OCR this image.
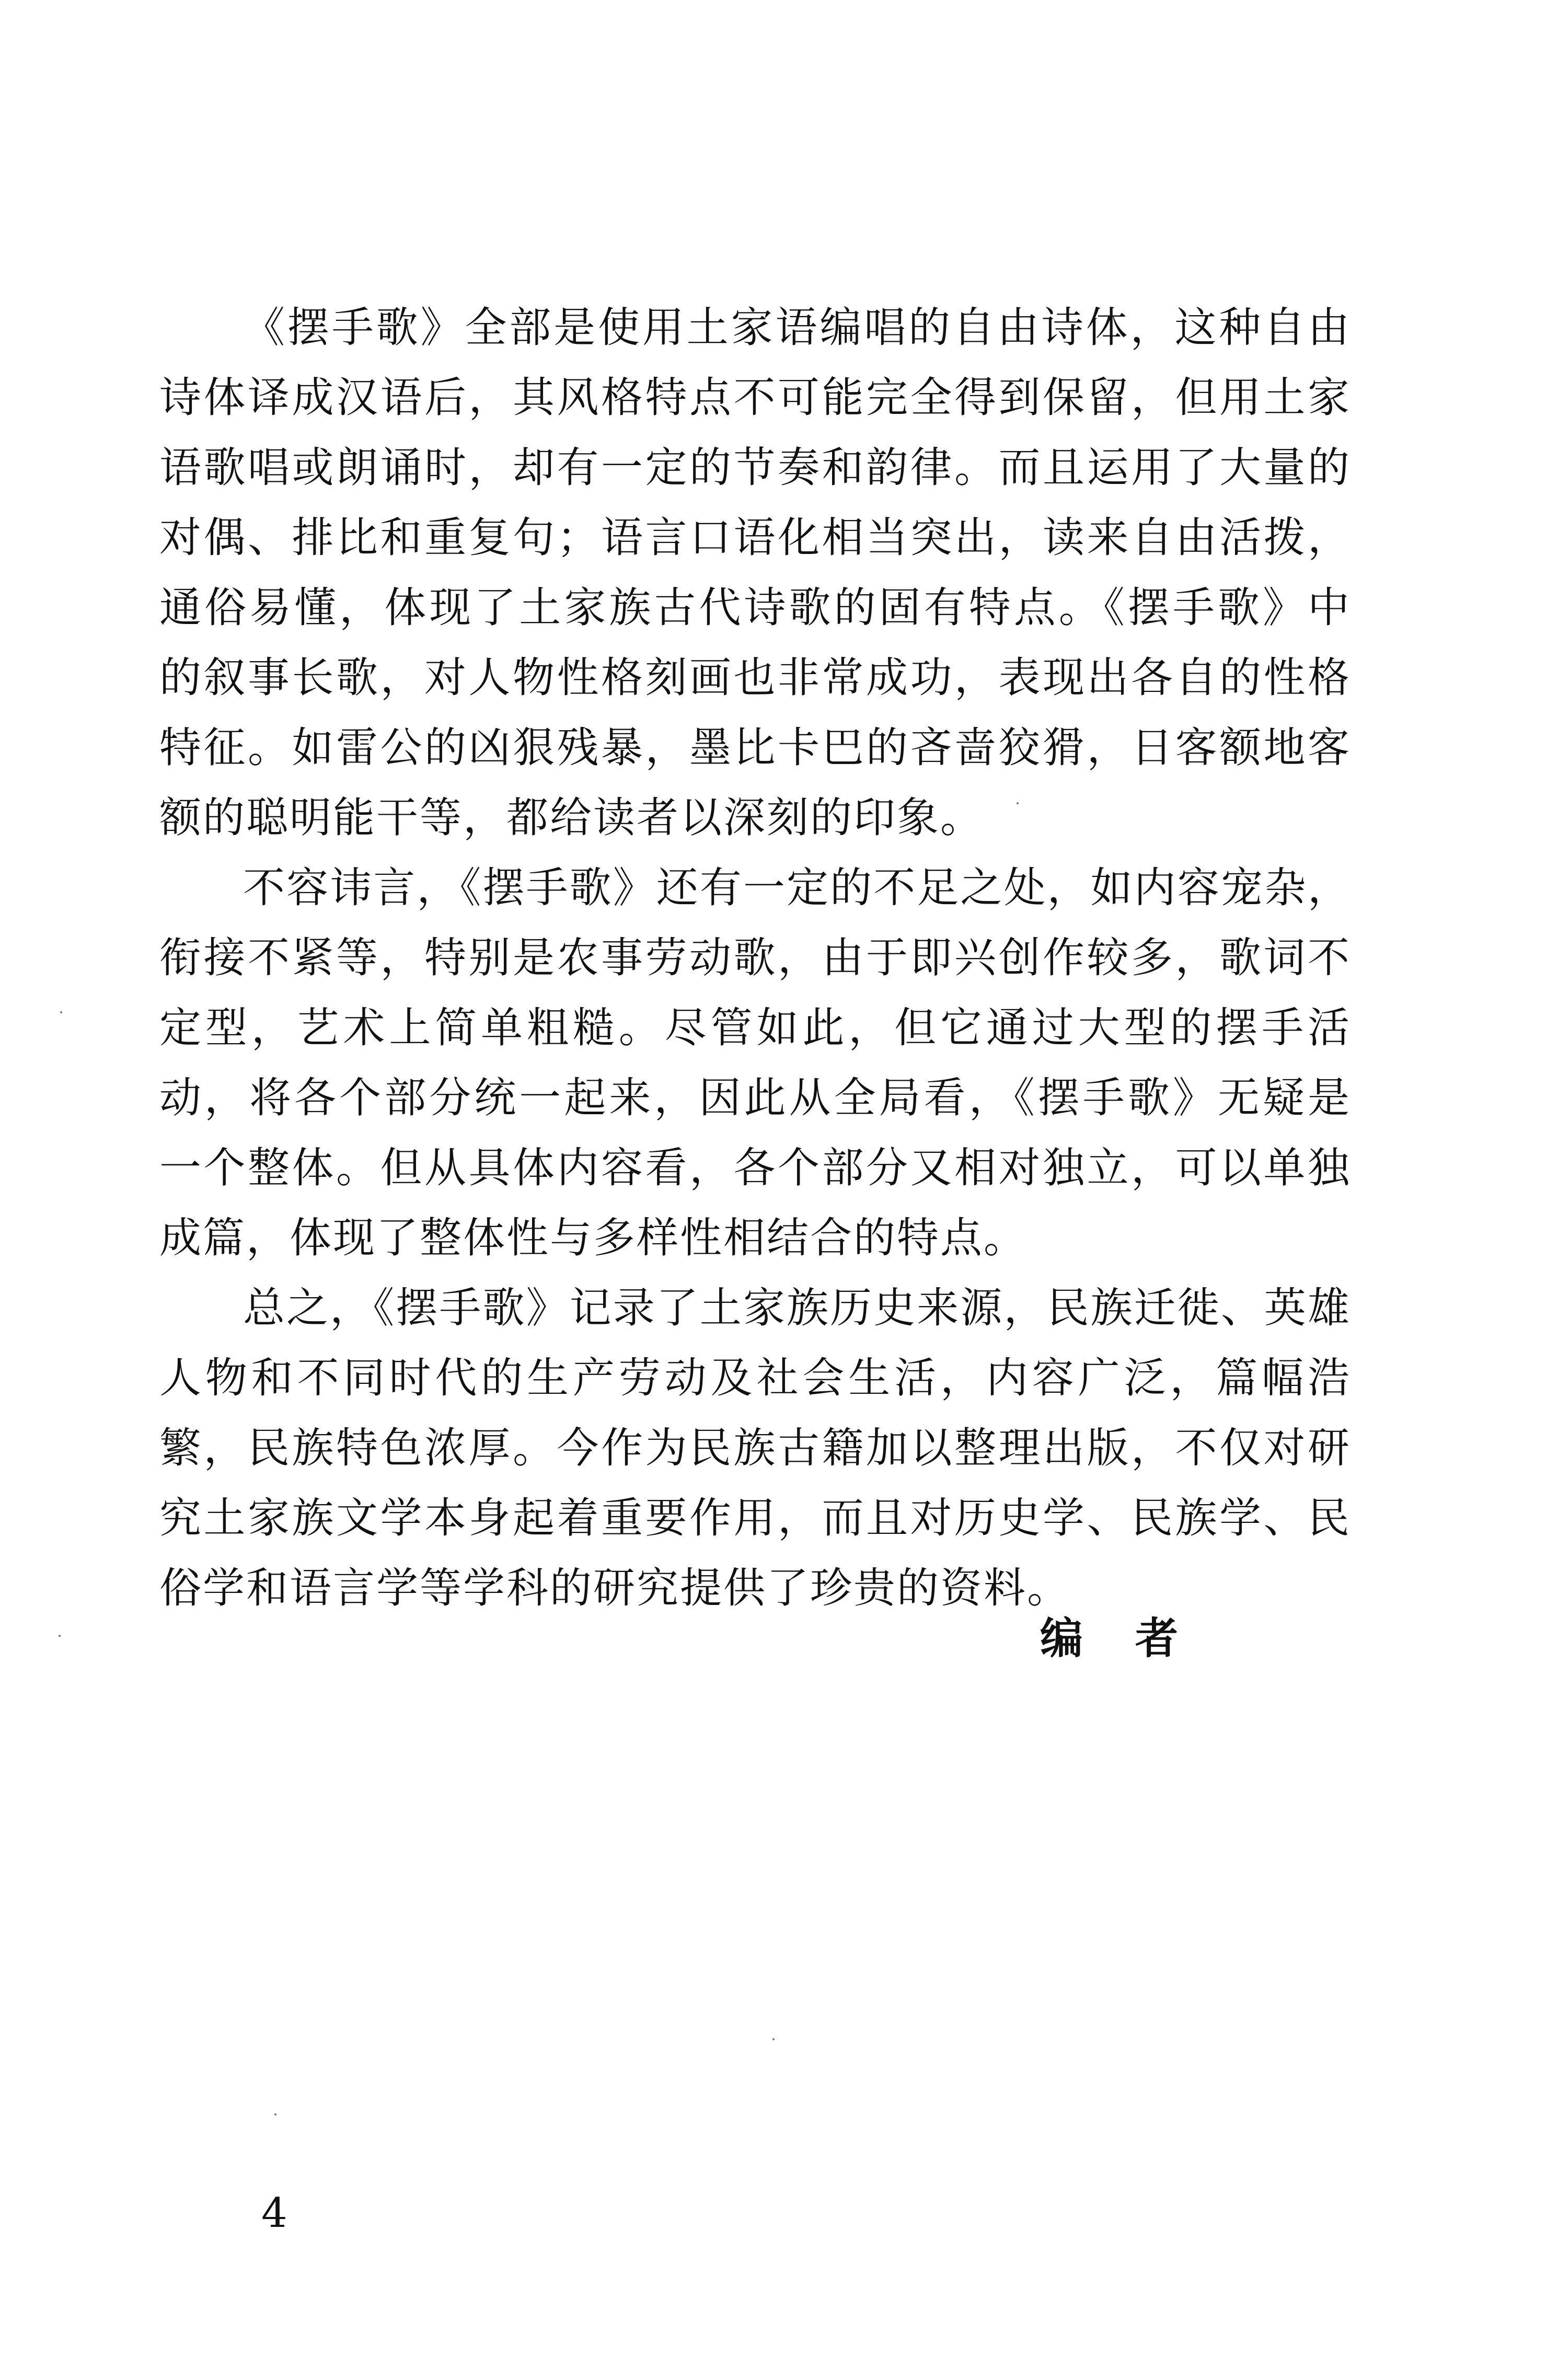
《摆手歌》全部是使用土家语编唱的自由诗体，这种自由诗体译成汉语后，其风格特点不可能完全得到保留，但用土家语歌唱或朗诵时，却有一定的节奏和韵律。而且运用了大量的对偶、排比和重复句；语言口语化相当突出，读来自由活拨，通俗易懂，体现了土家族古代诗歌的固有特点。《摆手歌》中的叙事长歌，对人物性格刻画也非常成功，表现出各自的性格特征。如雷公的凶狠残暴，墨比卡巴的吝啬狡猾，日客额地客额的聪明能干等，都给读者以深刻的印象。

不容讳言，《摆手歌》还有一定的不足之处，如内容宠杂，衔接不紧等，特别是农事劳动歌，由于即兴创作较多，歌词不定型，艺术上简单粗糙。尽管如此，但它通过大型的摆手活动，将各个部分统一起来，因此从全局看，《摆手歌》无疑是一个整体。但从具体内容看，各个部分又相对独立，可以单独成篇，体现了整体性与多样性相结合的特点。

总之，《摆手歌》记录了土家族历史来源，民族迁徙、英雄人物和不同时代的生产劳动及社会生活，内容广泛，篇幅浩繁，民族特色浓厚。今作为民族古籍加以整理出版，不仅对研究土家族文学本身起着重要作用，而且对历史学、民族学、民俗学和语言学等学科的研究提供了珍贵的资料。

编者
4
